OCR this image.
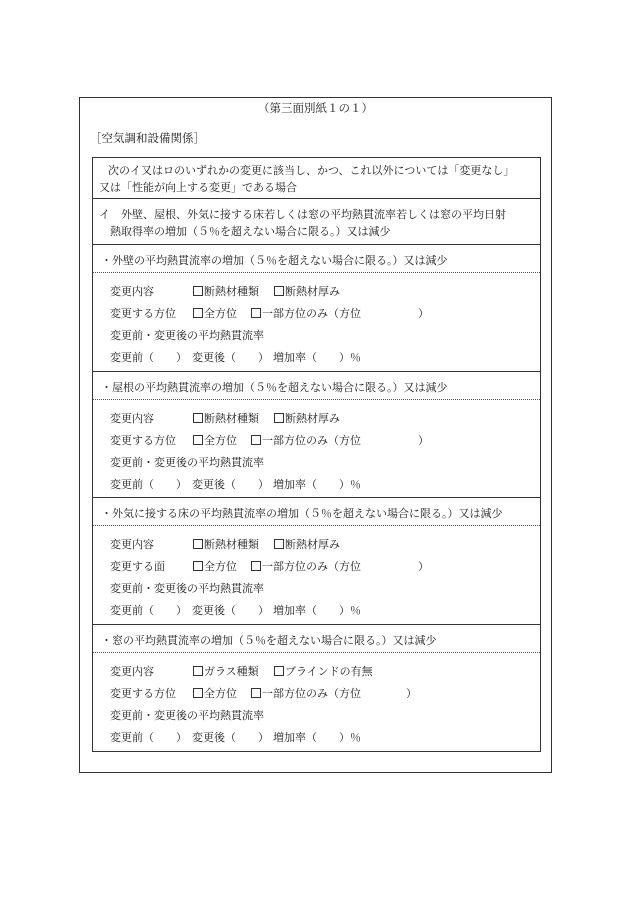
（第三面別紙１の１）
［空気調和設備関係］
次のイ又はロのいずれかの変更に該当し、かつ、これ以外については「変更なし」
又は「性能が向上する変更」である場合
イ　外壁、屋根、外気に接する床若しくは窓の平均熱貫流率若しくは窓の平均日射
熱取得率の増加（５％を超えない場合に限る。）又は減少
・外壁の平均熱貫流率の増加（５％を超えない場合に限る。）又は減少
変更内容	断熱材種類	断熱材厚み
変更する方位	全方位	一部方位のみ（方位	）
変更前・変更後の平均熱貫流率
変更前（　　） 変更後（　　） 増加率（　　）％
・屋根の平均熱貫流率の増加（５％を超えない場合に限る。）又は減少
変更内容	断熱材種類	断熱材厚み
変更する方位	全方位	一部方位のみ（方位	）
変更前・変更後の平均熱貫流率
変更前（　　） 変更後（　　） 増加率（　　）％
・外気に接する床の平均熱貫流率の増加（５％を超えない場合に限る。）又は減少
変更内容	断熱材種類	断熱材厚み
変更する面	全方位	一部方位のみ（方位	）
変更前・変更後の平均熱貫流率
変更前（　　） 変更後（　　） 増加率（　　）％
・窓の平均熱貫流率の増加（５％を超えない場合に限る。）又は減少
変更内容	ガラス種類	ブラインドの有無
変更する方位	全方位	一部方位のみ（方位	）
変更前・変更後の平均熱貫流率
変更前（　　） 変更後（　　） 増加率（　　）％
